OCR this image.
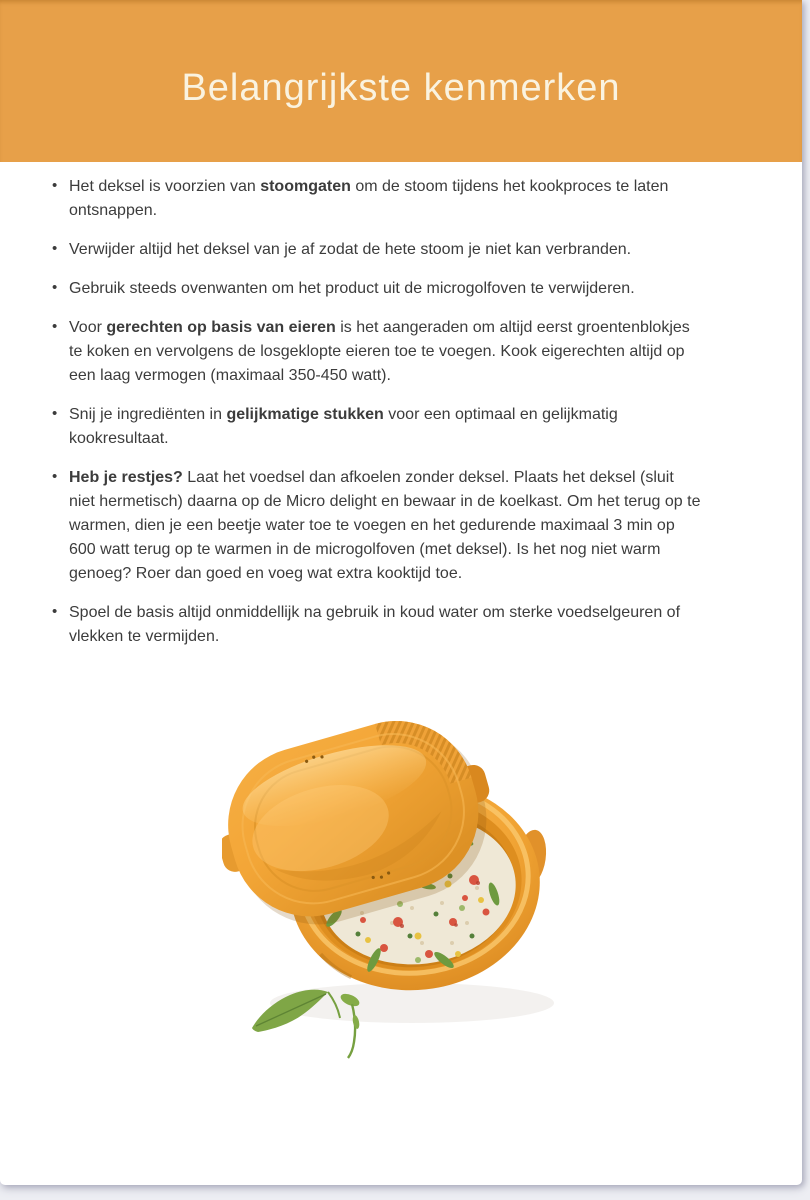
Belangrijkste kenmerken
• Het deksel is voorzien van stoomgaten om de stoom tijdens het kookproces te laten ontsnappen.
• Verwijder altijd het deksel van je af zodat de hete stoom je niet kan verbranden.
• Gebruik steeds ovenwanten om het product uit de microgolfoven te verwijderen.
• Voor gerechten op basis van eieren is het aangeraden om altijd eerst groentenblokjes te koken en vervolgens de losgeklopte eieren toe te voegen. Kook eigerechten altijd op een laag vermogen (maximaal 350-450 watt).
• Snij je ingrediënten in gelijkmatige stukken voor een optimaal en gelijkmatig kookresultaat.
• Heb je restjes? Laat het voedsel dan afkoelen zonder deksel. Plaats het deksel (sluit niet hermetisch) daarna op de Micro delight en bewaar in de koelkast. Om het terug op te warmen, dien je een beetje water toe te voegen en het gedurende maximaal 3 min op 600 watt terug op te warmen in de microgolfoven (met deksel). Is het nog niet warm genoeg? Roer dan goed en voeg wat extra kooktijd toe.
• Spoel de basis altijd onmiddellijk na gebruik in koud water om sterke voedselgeuren of vlekken te vermijden.
